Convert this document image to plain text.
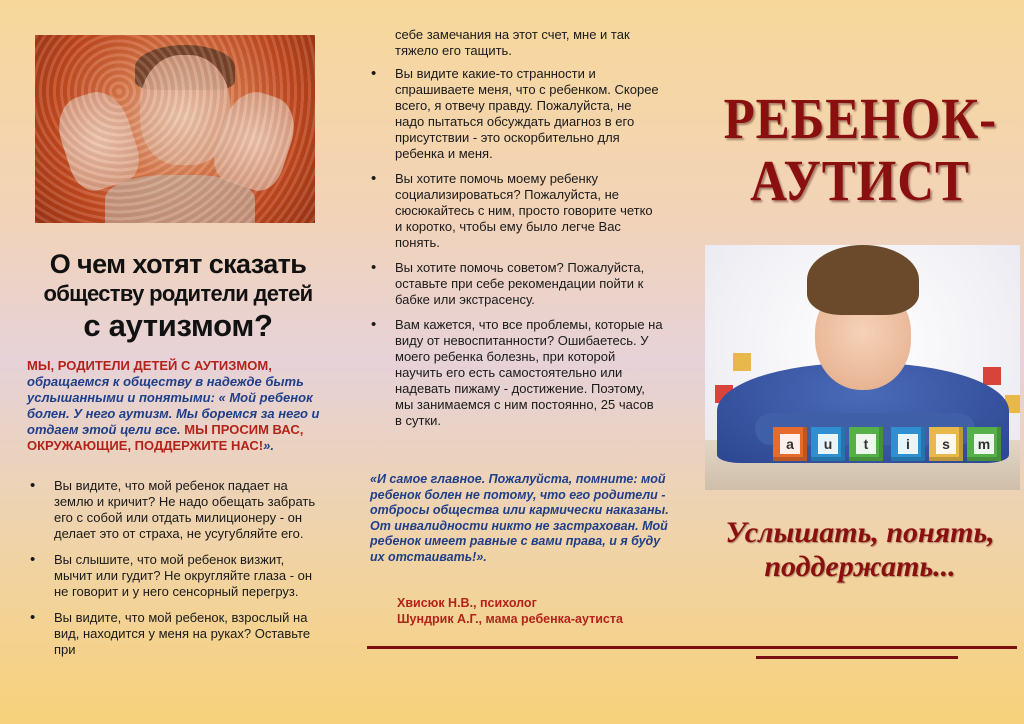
О чем хотят сказать
обществу родители детей
с аутизмом?
МЫ, РОДИТЕЛИ ДЕТЕЙ С АУТИЗМОМ, обращаемся к обществу в надежде быть услышанными и понятыми: « Мой ребенок болен. У него аутизм. Мы боремся за него и отдаем этой цели все. МЫ ПРОСИМ ВАС, ОКРУЖАЮЩИЕ, ПОДДЕРЖИТЕ НАС!».
• Вы видите, что мой ребенок падает на землю и кричит? Не надо обещать забрать его с собой или отдать милиционеру - он делает это от страха, не усугубляйте его.
• Вы слышите, что мой ребенок визжит, мычит или гудит? Не округляйте глаза - он не говорит и у него сенсорный перегруз.
• Вы видите, что мой ребенок, взрослый на вид, находится у меня на руках? Оставьте при
себе замечания на этот счет, мне и так тяжело его тащить.
• Вы видите какие-то странности и спрашиваете меня, что с ребенком. Скорее всего, я отвечу правду. Пожалуйста, не надо пытаться обсуждать диагноз в его присутствии - это оскорбительно для ребенка и меня.
• Вы хотите помочь моему ребенку социализироваться? Пожалуйста, не сюсюкайтесь с ним, просто говорите четко и коротко, чтобы ему было легче Вас понять.
• Вы хотите помочь советом? Пожалуйста, оставьте при себе рекомендации пойти к бабке или экстрасенсу.
• Вам кажется, что все проблемы, которые на виду от невоспитанности? Ошибаетесь. У моего ребенка болезнь, при которой научить его есть самостоятельно или надевать пижаму - достижение. Поэтому, мы занимаемся с ним постоянно, 25 часов в сутки.
«И самое главное. Пожалуйста, помните: мой ребенок болен не потому, что его родители - отбросы общества или кармически наказаны. От инвалидности никто не застрахован. Мой ребенок имеет равные с вами права, и я буду их отстаивать!».
Хвисюк Н.В., психолог
Шундрик А.Г., мама ребенка-аутиста
РЕБЕНОК-
АУТИСТ
a	u	t	i	s	m
Услышать, понять,
поддержать...
